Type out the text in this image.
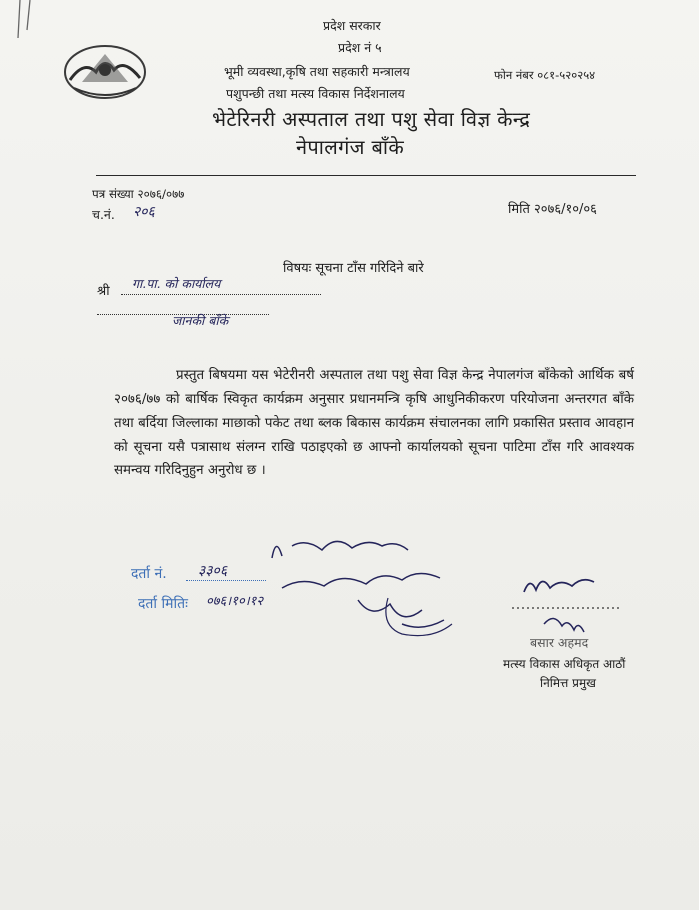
प्रदेश सरकार
प्रदेश नं ५
भूमी व्यवस्था,कृषि तथा सहकारी मन्त्रालय	फोन नंबर ०८१-५२०२५४
पशुपन्छी तथा मत्स्य विकास निर्देशनालय
भेटेरिनरी अस्पताल तथा पशु सेवा विज्ञ केन्द्र
नेपालगंज बाँके
पत्र संख्या २०७६/०७७
च.नं. २०६	मिति २०७६/१०/०६
विषयः सूचना टाँस गरिदिने बारे
श्री
गा.पा. को कार्यालय
जानकी बाँके
प्रस्तुत बिषयमा यस भेटेरीनरी अस्पताल तथा पशु सेवा विज्ञ केन्द्र नेपालगंज बाँकेको आर्थिक बर्ष २०७६/७७ को बार्षिक स्विकृत कार्यक्रम अनुसार प्रधानमन्त्रि कृषि आधुनिकीकरण परियोजना अन्तरगत बाँके तथा बर्दिया जिल्लाका माछाको पकेट तथा ब्लक बिकास कार्यक्रम संचालनका लागि प्रकासित प्रस्ताव आवहान को सूचना यसै पत्रासाथ संलग्न राखि पठाइएको छ आफ्नो कार्यालयको सूचना पाटिमा टाँस गरि आवश्यक समन्वय गरिदिनुहुन अनुरोध छ ।
दर्ता नं. ३३०६
दर्ता मितिः ०७६।१०।१२
बसार अहमद
मत्स्य विकास अधिकृत आठौं
निमित्त प्रमुख
